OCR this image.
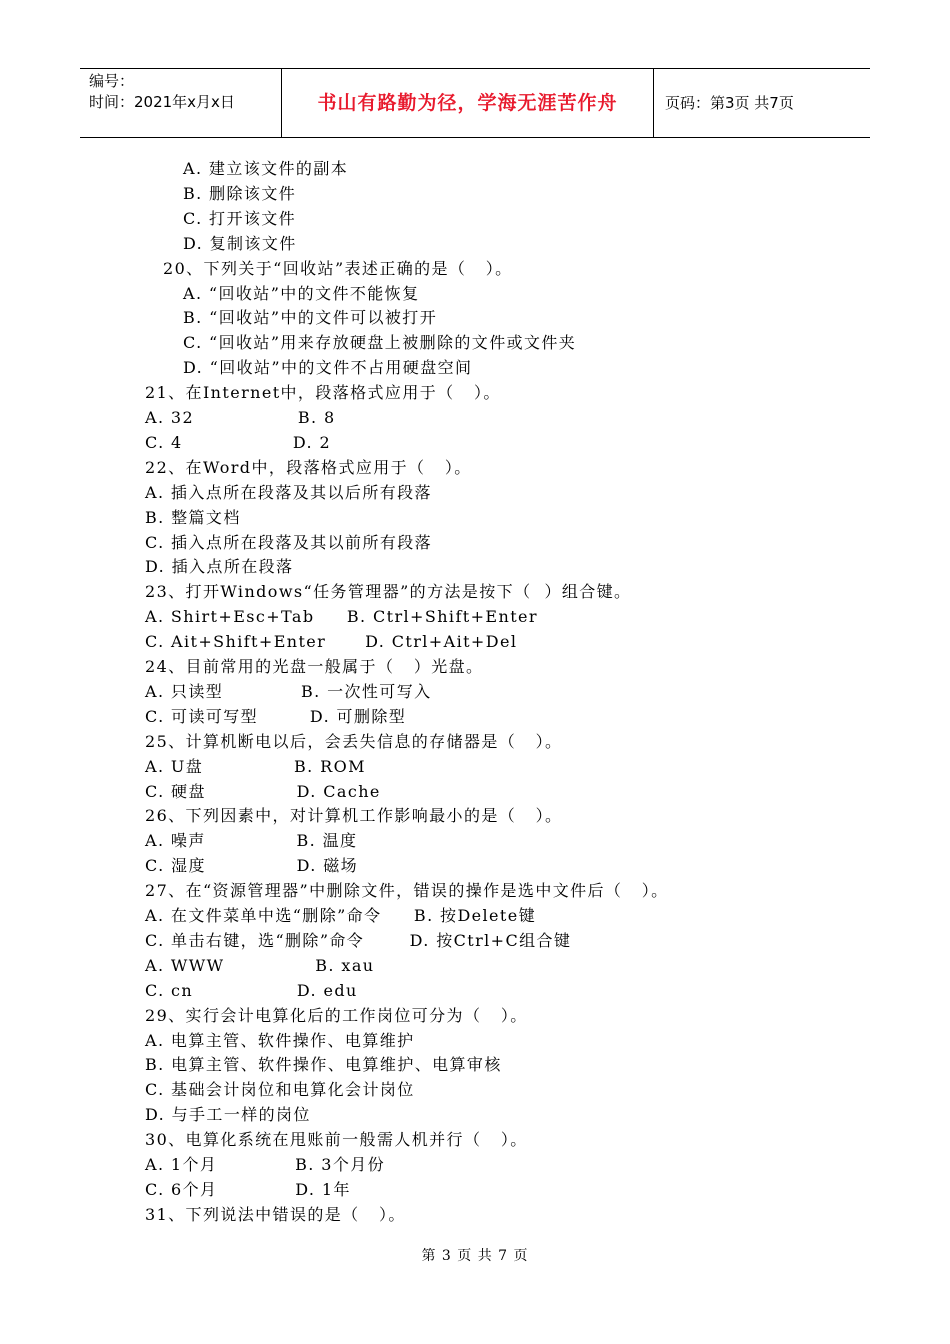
编号：
时间：2021年x月x日	书山有路勤为径，学海无涯苦作舟	页码：第3页 共7页
A. 建立该文件的副本
B. 删除该文件
C. 打开该文件
D. 复制该文件
20、下列关于“回收站”表述正确的是（   ）。
A. “回收站”中的文件不能恢复
B. “回收站”中的文件可以被打开
C. “回收站”用来存放硬盘上被删除的文件或文件夹
D. “回收站”中的文件不占用硬盘空间
21、在Internet中，段落格式应用于（   ）。
A. 32                B. 8
C. 4                 D. 2
22、在Word中，段落格式应用于（   ）。
A. 插入点所在段落及其以后所有段落
B. 整篇文档
C. 插入点所在段落及其以前所有段落
D. 插入点所在段落
23、打开Windows“任务管理器”的方法是按下（  ）组合键。
A. Shirt+Esc+Tab     B. Ctrl+Shift+Enter
C. Ait+Shift+Enter      D. Ctrl+Ait+Del
24、目前常用的光盘一般属于（   ）光盘。
A. 只读型            B. 一次性可写入
C. 可读可写型        D. 可删除型
25、计算机断电以后，会丢失信息的存储器是（   ）。
A. U盘              B. ROM
C. 硬盘              D. Cache
26、下列因素中，对计算机工作影响最小的是（   ）。
A. 噪声              B. 温度
C. 湿度              D. 磁场
27、在“资源管理器”中删除文件，错误的操作是选中文件后（   ）。
A. 在文件菜单中选“删除”命令     B. 按Delete键
C. 单击右键，选“删除”命令       D. 按Ctrl+C组合键
A. WWW              B. xau
C. cn                D. edu
29、实行会计电算化后的工作岗位可分为（   ）。
A. 电算主管、软件操作、电算维护
B. 电算主管、软件操作、电算维护、电算审核
C. 基础会计岗位和电算化会计岗位
D. 与手工一样的岗位
30、电算化系统在甩账前一般需人机并行（   ）。
A. 1个月            B. 3个月份
C. 6个月            D. 1年
31、下列说法中错误的是（   ）。
第 3 页 共 7 页
